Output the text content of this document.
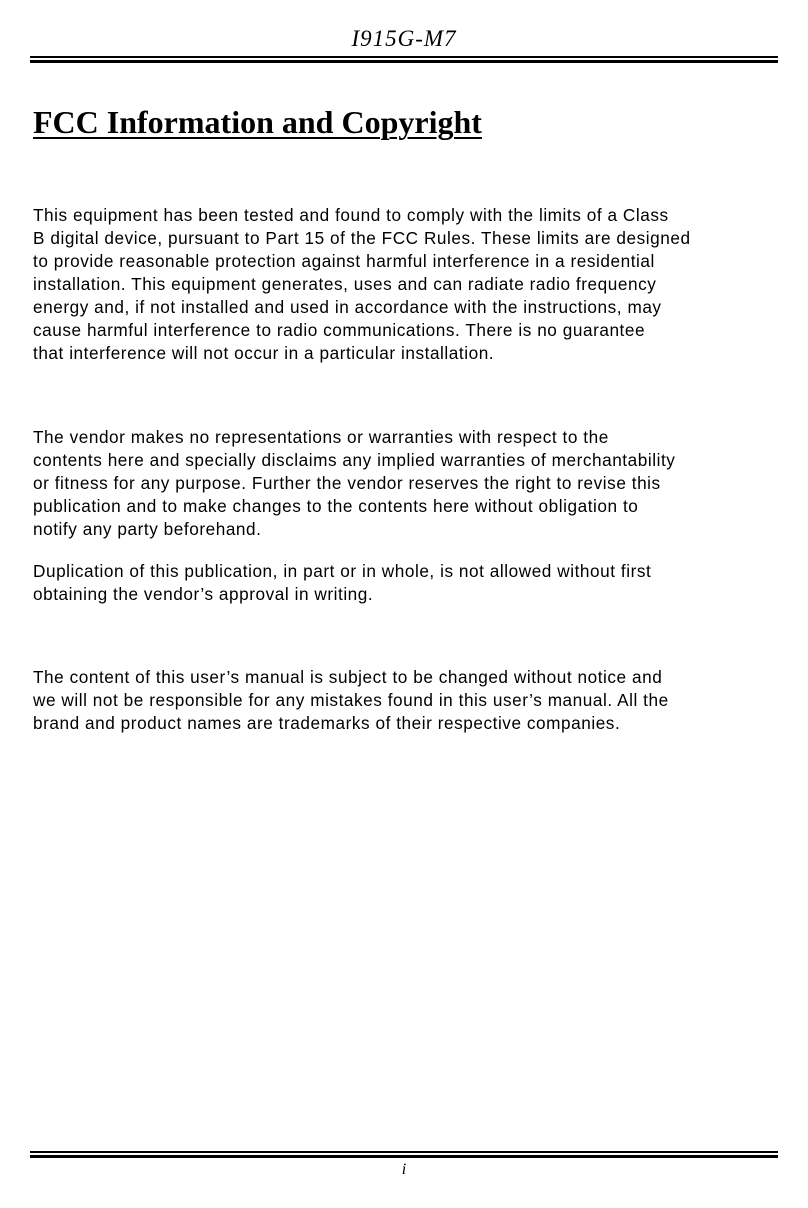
I915G-M7
FCC Information and Copyright
This equipment has been tested and found to comply with the limits of a Class
B digital device, pursuant to Part 15 of the FCC Rules. These limits are designed
to provide reasonable protection against harmful interference in a residential
installation. This equipment generates, uses and can radiate radio frequency
energy and, if not installed and used in accordance with the instructions, may
cause harmful interference to radio communications. There is no guarantee
that interference will not occur in a particular installation.
The vendor makes no representations or warranties with respect to the
contents here and specially disclaims any implied warranties of merchantability
or fitness for any purpose. Further the vendor reserves the right to revise this
publication and to make changes to the contents here without obligation to
notify any party beforehand.
Duplication of this publication, in part or in whole, is not allowed without first
obtaining the vendor’s approval in writing.
The content of this user’s manual is subject to be changed without notice and
we will not be responsible for any mistakes found in this user’s manual. All the
brand and product names are trademarks of their respective companies.
i
